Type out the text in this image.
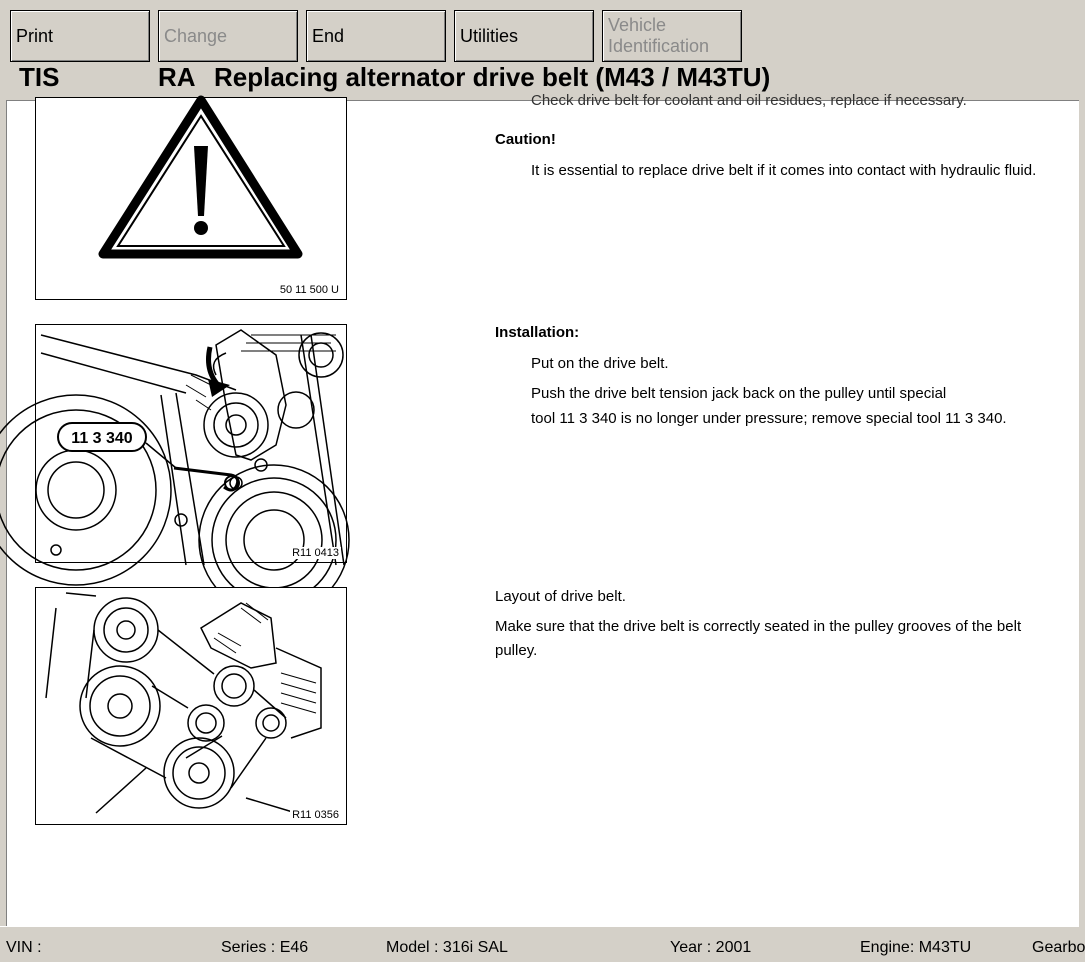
Print	Change	End	Utilities
Vehicle
Identification
TIS	RA Replacing alternator drive belt (M43 / M43TU)
50 11 500 U
11 3 340
R11 0413
R11 0356
Check drive belt for coolant and oil residues, replace if necessary.
Caution!
It is essential to replace drive belt if it comes into contact with hydraulic fluid.
Installation:
Put on the drive belt.
Push the drive belt tension jack back on the pulley until special
tool 11 3 340 is no longer under pressure; remove special tool 11 3 340.
Layout of drive belt.
Make sure that the drive belt is correctly seated in the pulley grooves of the belt
pulley.
VIN :	Series : E46	Model : 316i SAL	Year : 2001	Engine: M43TU	Gearbo
